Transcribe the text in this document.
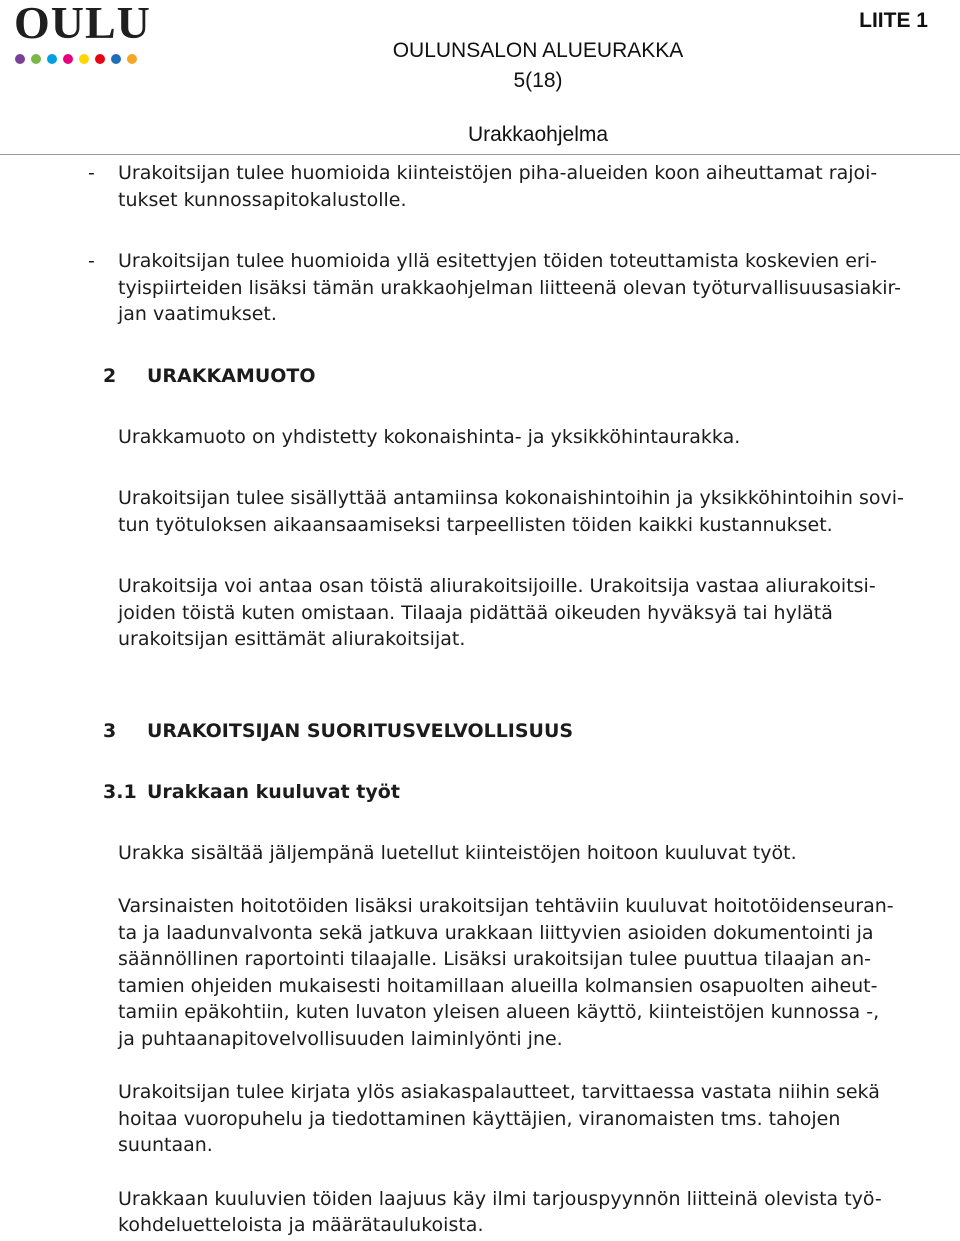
OULU	LIITE 1
OULUNSALON ALUEURAKKA
5(18)
Urakkaohjelma
- Urakoitsijan tulee huomioida kiinteistöjen piha-alueiden koon aiheuttamat rajoi-
tukset kunnossapitokalustolle.
- Urakoitsijan tulee huomioida yllä esitettyjen töiden toteuttamista koskevien eri-
tyispiirteiden lisäksi tämän urakkaohjelman liitteenä olevan työturvallisuusasiakir-
jan vaatimukset.
2 URAKKAMUOTO
Urakkamuoto on yhdistetty kokonaishinta- ja yksikköhintaurakka.
Urakoitsijan tulee sisällyttää antamiinsa kokonaishintoihin ja yksikköhintoihin sovi-
tun työtuloksen aikaansaamiseksi tarpeellisten töiden kaikki kustannukset.
Urakoitsija voi antaa osan töistä aliurakoitsijoille. Urakoitsija vastaa aliurakoitsi-
joiden töistä kuten omistaan. Tilaaja pidättää oikeuden hyväksyä tai hylätä
urakoitsijan esittämät aliurakoitsijat.
3 URAKOITSIJAN SUORITUSVELVOLLISUUS
3.1 Urakkaan kuuluvat työt
Urakka sisältää jäljempänä luetellut kiinteistöjen hoitoon kuuluvat työt.
Varsinaisten hoitotöiden lisäksi urakoitsijan tehtäviin kuuluvat hoitotöidenseuran-
ta ja laadunvalvonta sekä jatkuva urakkaan liittyvien asioiden dokumentointi ja
säännöllinen raportointi tilaajalle. Lisäksi urakoitsijan tulee puuttua tilaajan an-
tamien ohjeiden mukaisesti hoitamillaan alueilla kolmansien osapuolten aiheut-
tamiin epäkohtiin, kuten luvaton yleisen alueen käyttö, kiinteistöjen kunnossa -,
ja puhtaanapitovelvollisuuden laiminlyönti jne.
Urakoitsijan tulee kirjata ylös asiakaspalautteet, tarvittaessa vastata niihin sekä
hoitaa vuoropuhelu ja tiedottaminen käyttäjien, viranomaisten tms. tahojen
suuntaan.
Urakkaan kuuluvien töiden laajuus käy ilmi tarjouspyynnön liitteinä olevista työ-
kohdeluetteloista ja määrätaulukoista.
